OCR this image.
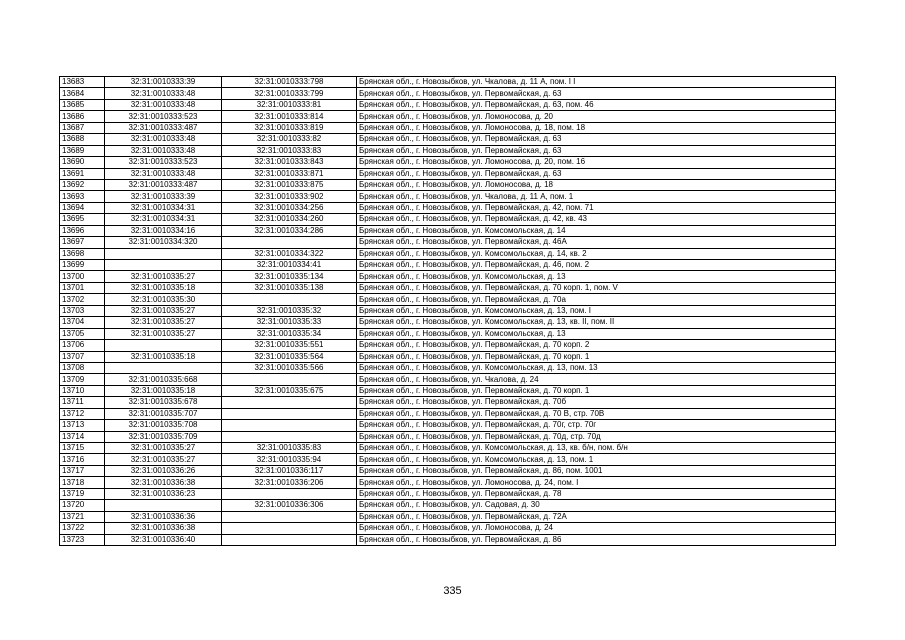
13683	32:31:0010333:39	32:31:0010333:798	Брянская обл., г. Новозыбков, ул. Чкалова, д. 11 А, пом. I I
13684	32:31:0010333:48	32:31:0010333:799	Брянская обл., г. Новозыбков, ул. Первомайская, д. 63
13685	32:31:0010333:48	32:31:0010333:81	Брянская обл., г. Новозыбков, ул. Первомайская, д. 63, пом. 46
13686	32:31:0010333:523	32:31:0010333:814	Брянская обл., г. Новозыбков, ул. Ломоносова, д. 20
13687	32:31:0010333:487	32:31:0010333:819	Брянская обл., г. Новозыбков, ул. Ломоносова, д. 18, пом. 18
13688	32:31:0010333:48	32:31:0010333:82	Брянская обл., г. Новозыбков, ул. Первомайская, д. 63
13689	32:31:0010333:48	32:31:0010333:83	Брянская обл., г. Новозыбков, ул. Первомайская, д. 63
13690	32:31:0010333:523	32:31:0010333:843	Брянская обл., г. Новозыбков, ул. Ломоносова, д. 20, пом. 16
13691	32:31:0010333:48	32:31:0010333:871	Брянская обл., г. Новозыбков, ул. Первомайская, д. 63
13692	32:31:0010333:487	32:31:0010333:875	Брянская обл., г. Новозыбков, ул. Ломоносова, д. 18
13693	32:31:0010333:39	32:31:0010333:902	Брянская обл., г. Новозыбков, ул. Чкалова, д. 11 А, пом. 1
13694	32:31:0010334:31	32:31:0010334:256	Брянская обл., г. Новозыбков, ул. Первомайская, д. 42, пом. 71
13695	32:31:0010334:31	32:31:0010334:260	Брянская обл., г. Новозыбков, ул. Первомайская, д. 42, кв. 43
13696	32:31:0010334:16	32:31:0010334:286	Брянская обл., г. Новозыбков, ул. Комсомольская, д. 14
13697	32:31:0010334:320		Брянская обл., г. Новозыбков, ул. Первомайская, д. 46А
13698		32:31:0010334:322	Брянская обл., г. Новозыбков, ул. Комсомольская, д. 14, кв. 2
13699		32:31:0010334:41	Брянская обл., г. Новозыбков, ул. Первомайская, д. 46, пом. 2
13700	32:31:0010335:27	32:31:0010335:134	Брянская обл., г. Новозыбков, ул. Комсомольская, д. 13
13701	32:31:0010335:18	32:31:0010335:138	Брянская обл., г. Новозыбков, ул. Первомайская, д. 70 корп. 1, пом. V
13702	32:31:0010335:30		Брянская обл., г. Новозыбков, ул. Первомайская, д. 70а
13703	32:31:0010335:27	32:31:0010335:32	Брянская обл., г. Новозыбков, ул. Комсомольская, д. 13, пом. I
13704	32:31:0010335:27	32:31:0010335:33	Брянская обл., г. Новозыбков, ул. Комсомольская, д. 13, кв. II, пом. II
13705	32:31:0010335:27	32:31:0010335:34	Брянская обл., г. Новозыбков, ул. Комсомольская, д. 13
13706		32:31:0010335:551	Брянская обл., г. Новозыбков, ул. Первомайская, д. 70 корп. 2
13707	32:31:0010335:18	32:31:0010335:564	Брянская обл., г. Новозыбков, ул. Первомайская, д. 70 корп. 1
13708		32:31:0010335:566	Брянская обл., г. Новозыбков, ул. Комсомольская, д. 13, пом. 13
13709	32:31:0010335:668		Брянская обл., г. Новозыбков, ул. Чкалова, д. 24
13710	32:31:0010335:18	32:31:0010335:675	Брянская обл., г. Новозыбков, ул. Первомайская, д. 70 корп. 1
13711	32:31:0010335:678		Брянская обл., г. Новозыбков, ул. Первомайская, д. 70б
13712	32:31:0010335:707		Брянская обл., г. Новозыбков, ул. Первомайская, д. 70 В, стр. 70В
13713	32:31:0010335:708		Брянская обл., г. Новозыбков, ул. Первомайская, д. 70г, стр. 70г
13714	32:31:0010335:709		Брянская обл., г. Новозыбков, ул. Первомайская, д. 70д, стр. 70д
13715	32:31:0010335:27	32:31:0010335:83	Брянская обл., г. Новозыбков, ул. Комсомольская, д. 13, кв. б/н, пом. б/н
13716	32:31:0010335:27	32:31:0010335:94	Брянская обл., г. Новозыбков, ул. Комсомольская, д. 13, пом. 1
13717	32:31:0010336:26	32:31:0010336:117	Брянская обл., г. Новозыбков, ул. Первомайская, д. 86, пом. 1001
13718	32:31:0010336:38	32:31:0010336:206	Брянская обл., г. Новозыбков, ул. Ломоносова, д. 24, пом. I
13719	32:31:0010336:23		Брянская обл., г. Новозыбков, ул. Первомайская, д. 78
13720		32:31:0010336:306	Брянская обл., г. Новозыбков, ул. Садовая, д. 30
13721	32:31:0010336:36		Брянская обл., г. Новозыбков, ул. Первомайская, д. 72А
13722	32:31:0010336:38		Брянская обл., г. Новозыбков, ул. Ломоносова, д. 24
13723	32:31:0010336:40		Брянская обл., г. Новозыбков, ул. Первомайская, д. 86
335
